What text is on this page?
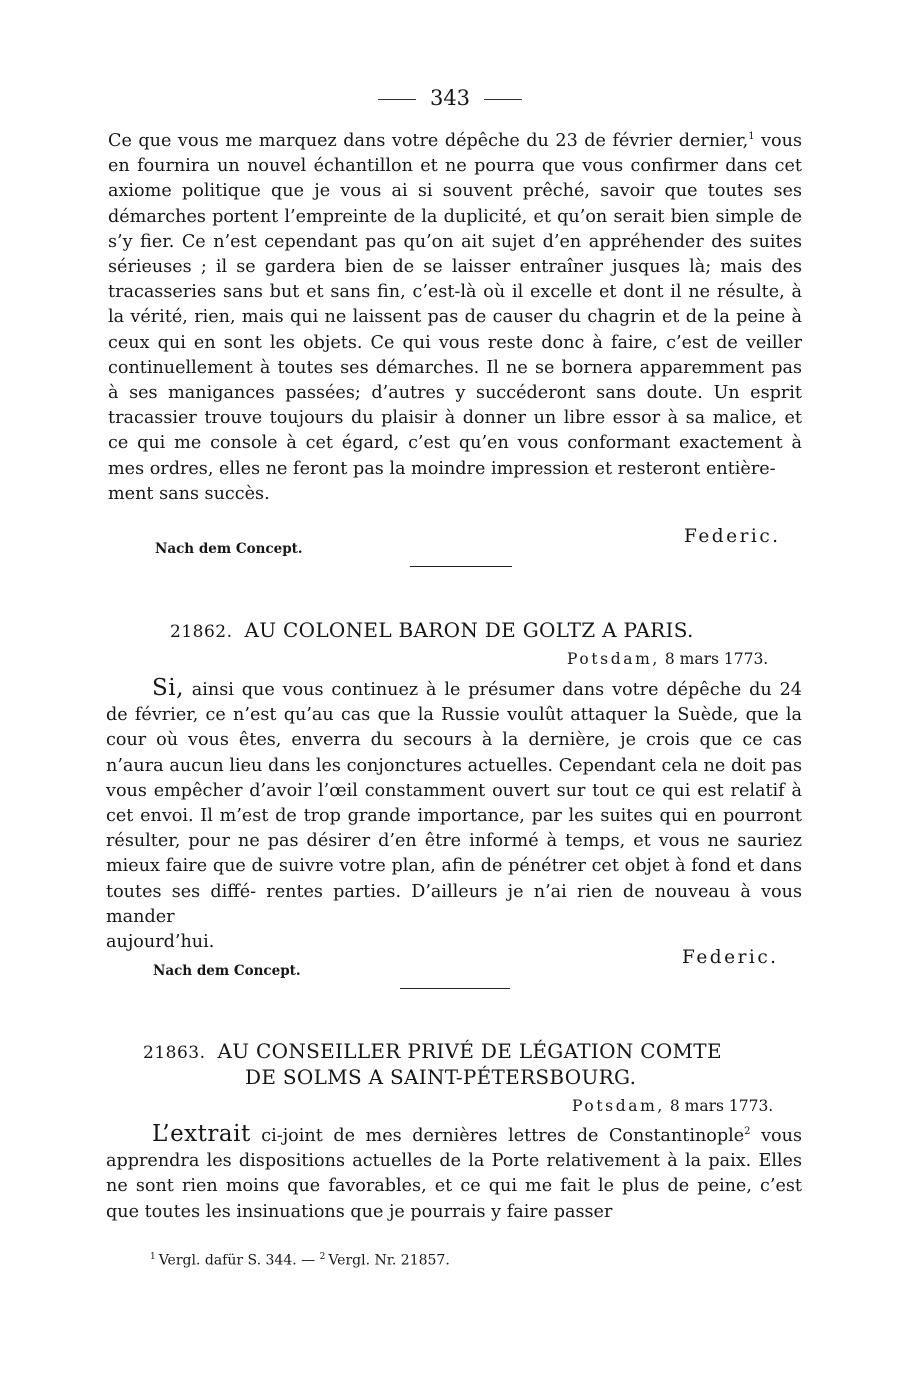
343

Ce que vous me marquez dans votre dépêche du 23 de février dernier,$^1$ vous en fournira un nouvel échantillon et ne pourra que vous confirmer dans cet axiome politique que je vous ai si souvent prêché, savoir que toutes ses démarches portent l’empreinte de la duplicité, et qu’on serait bien simple de s’y fier. Ce n’est cependant pas qu’on ait sujet d’en appréhender des suites sérieuses ; il se gardera bien de se laisser entraîner jusques là; mais des tracasseries sans but et sans fin, c’est-là où il excelle et dont il ne résulte, à la vérité, rien, mais qui ne laissent pas de causer du chagrin et de la peine à ceux qui en sont les objets. Ce qui vous reste donc à faire, c’est de veiller continuellement à toutes ses démarches. Il ne se bornera apparemment pas à ses manigances passées; d’autres y succéderont sans doute. Un esprit tracassier trouve toujours du plaisir à donner un libre essor à sa malice, et ce qui me console à cet égard, c’est qu’en vous conformant exactement à mes ordres, elles ne feront pas la moindre impression et resteront entière-

ment sans succès.

Federic.
Nach dem Concept.
21862. AU COLONEL BARON DE GOLTZ A PARIS.
Potsdam, 8 mars 1773.

Si, ainsi que vous continuez à le présumer dans votre dépêche du 24 de février, ce n’est qu’au cas que la Russie voulût attaquer la Suède, que la cour où vous êtes, enverra du secours à la dernière, je crois que ce cas n’aura aucun lieu dans les conjonctures actuelles. Cependant cela ne doit pas vous empêcher d’avoir l’œil constamment ouvert sur tout ce qui est relatif à cet envoi. Il m’est de trop grande importance, par les suites qui en pourront résulter, pour ne pas désirer d’en être informé à temps, et vous ne sauriez mieux faire que de suivre votre plan, afin de pénétrer cet objet à fond et dans toutes ses diffé- rentes parties. D’ailleurs je n’ai rien de nouveau à vous mander

aujourd’hui.

Federic.
Nach dem Concept.
21863. AU CONSEILLER PRIVÉ DE LÉGATION COMTE
DE SOLMS A SAINT-PÉTERSBOURG.
Potsdam, 8 mars 1773.

L’extrait ci-joint de mes dernières lettres de Constantinople$^2$ vous apprendra les dispositions actuelles de la Porte relativement à la paix. Elles ne sont rien moins que favorables, et ce qui me fait le plus de peine, c’est que toutes les insinuations que je pourrais y faire passer

$^1$ Vergl. dafür S. 344. — $^2$ Vergl. Nr. 21857.
